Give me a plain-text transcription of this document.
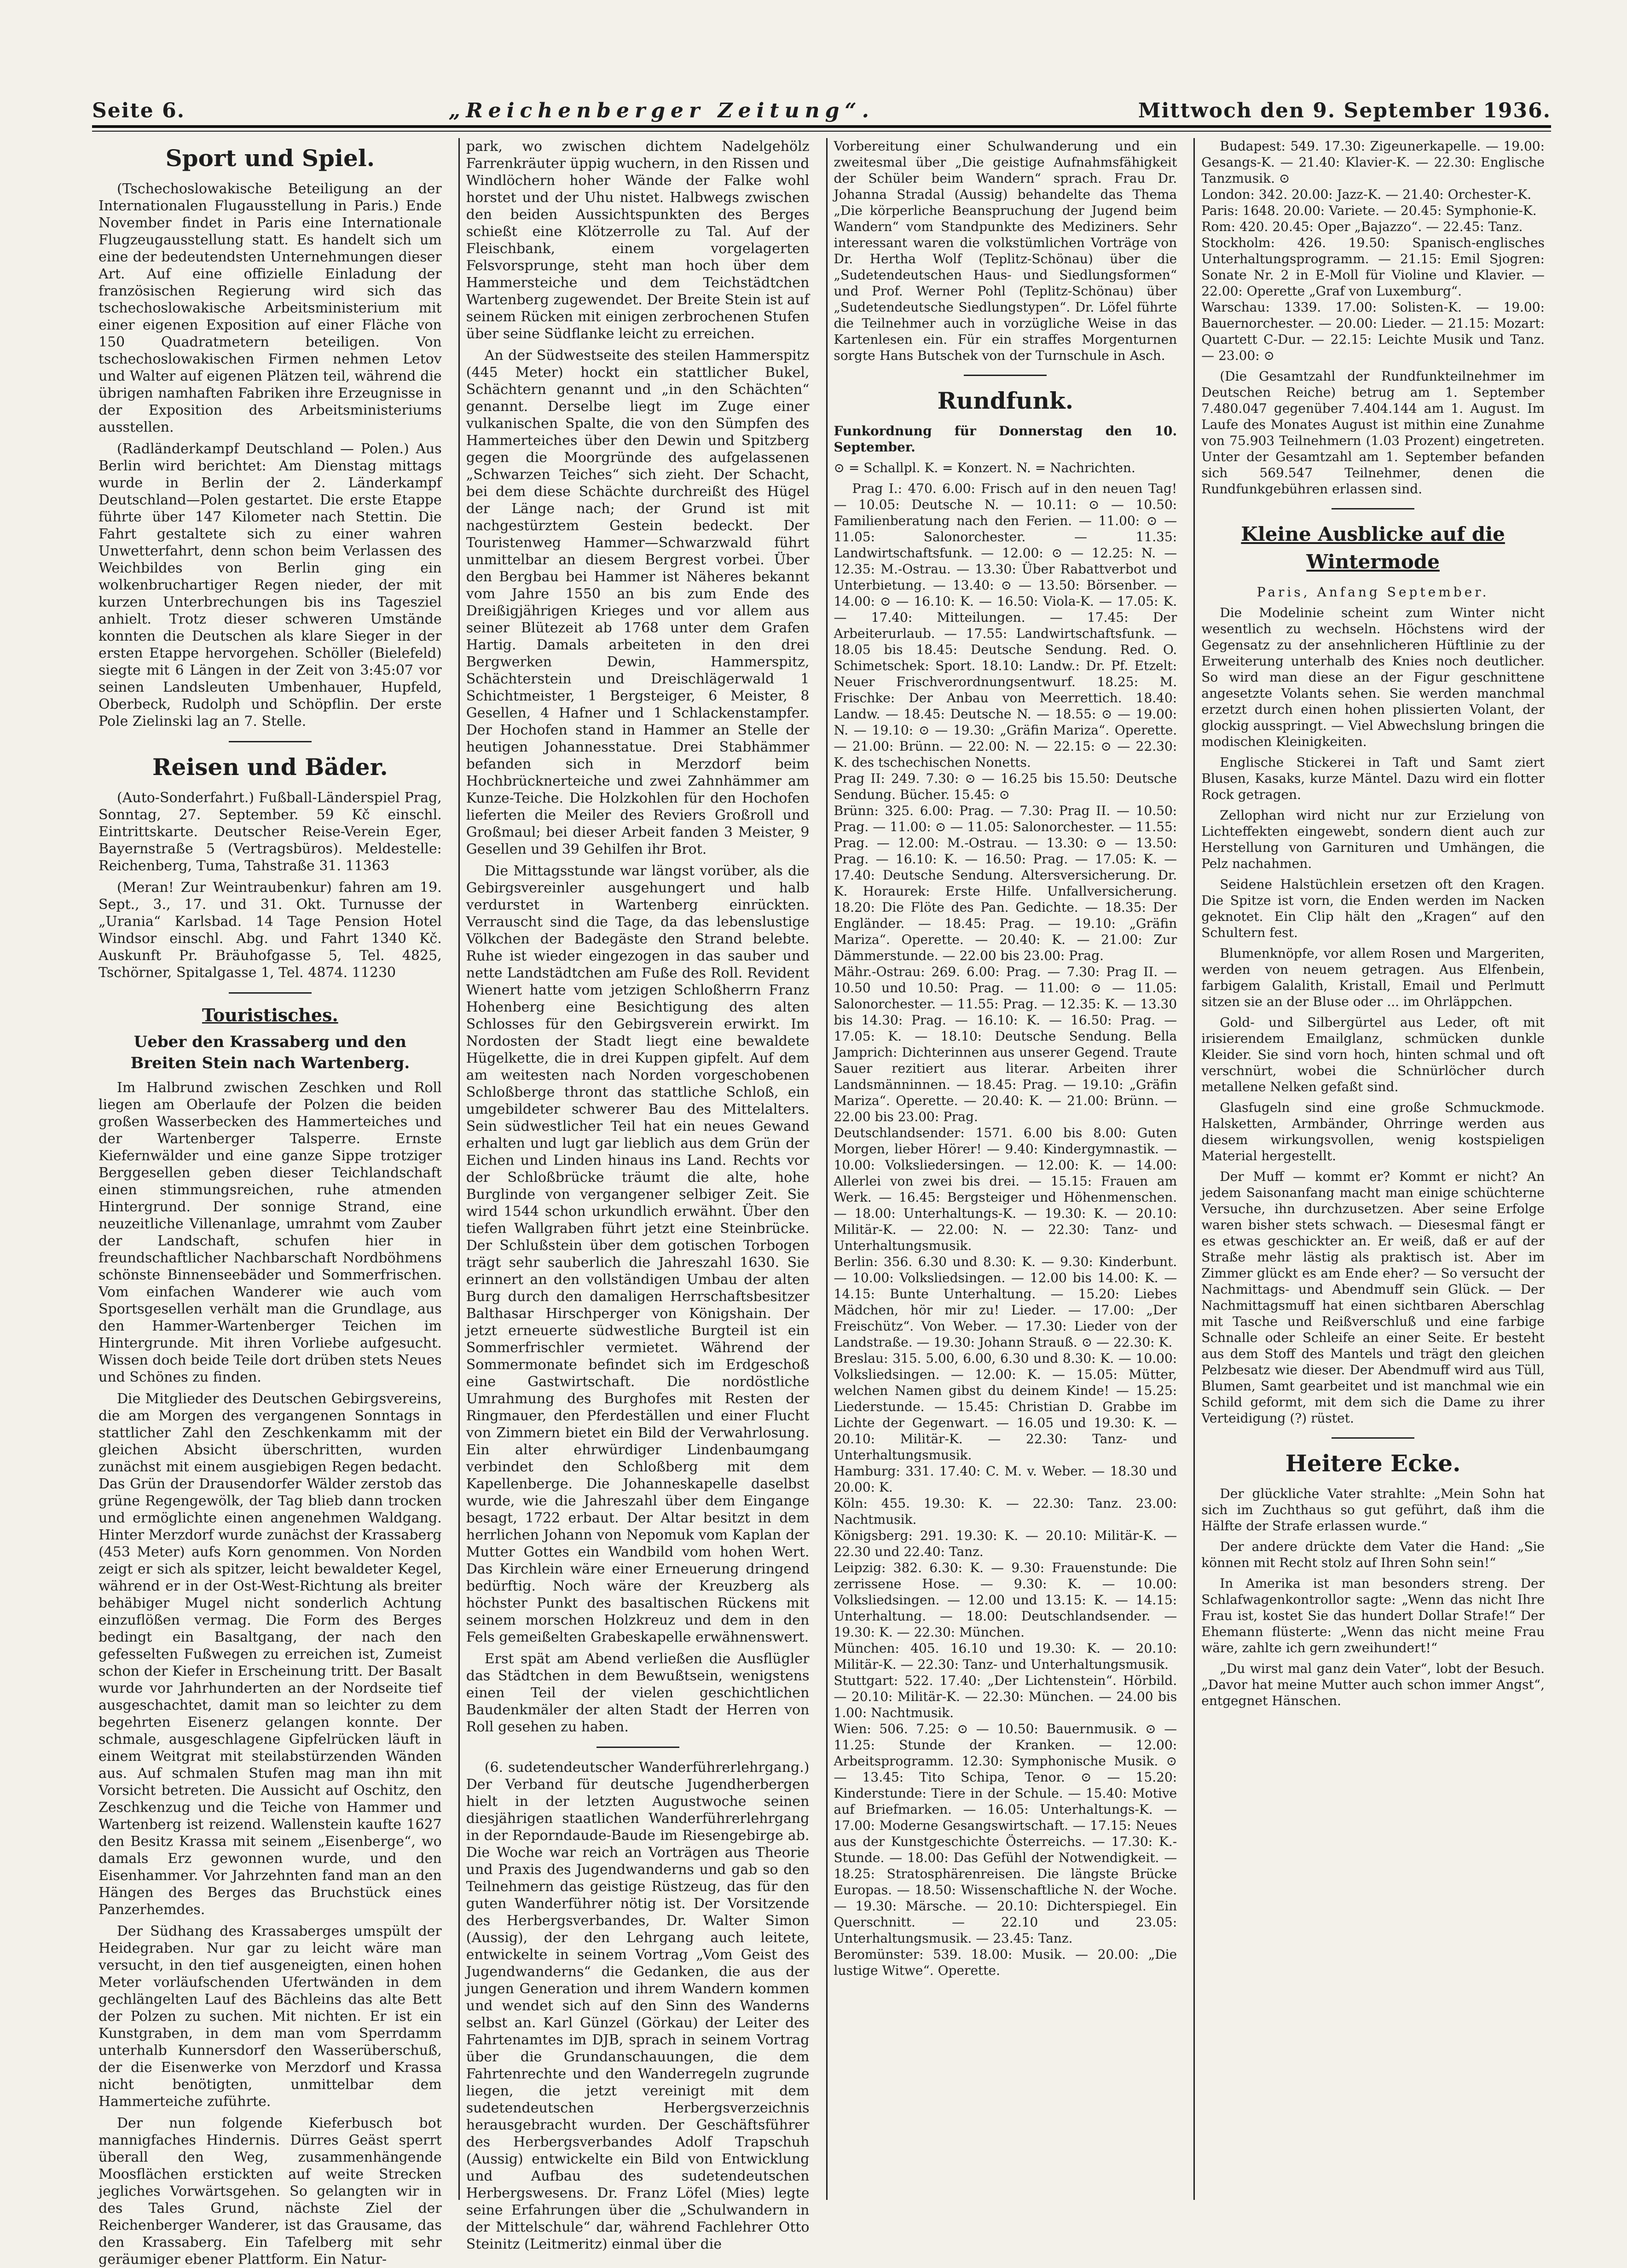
Seite 6.	„Reichenberger Zeitung“.	Mittwoch den 9. September 1936.
Sport und Spiel.

(Tschechoslowakische Beteiligung an der Internationalen Flugausstellung in Paris.) Ende November findet in Paris eine Internationale Flugzeugausstellung statt. Es handelt sich um eine der bedeutendsten Unternehmungen dieser Art. Auf eine offizielle Einladung der französischen Regierung wird sich das tschechoslowakische Arbeitsministerium mit einer eigenen Exposition auf einer Fläche von 150 Quadratmetern beteiligen. Von tschechoslowakischen Firmen nehmen Letov und Walter auf eigenen Plätzen teil, während die übrigen namhaften Fabriken ihre Erzeugnisse in der Exposition des Arbeitsministeriums ausstellen.

(Radländerkampf Deutschland — Polen.) Aus Berlin wird berichtet: Am Dienstag mittags wurde in Berlin der 2. Länderkampf Deutschland—Polen gestartet. Die erste Etappe führte über 147 Kilometer nach Stettin. Die Fahrt gestaltete sich zu einer wahren Unwetterfahrt, denn schon beim Verlassen des Weichbildes von Berlin ging ein wolkenbruchartiger Regen nieder, der mit kurzen Unterbrechungen bis ins Tagesziel anhielt. Trotz dieser schweren Umstände konnten die Deutschen als klare Sieger in der ersten Etappe hervorgehen. Schöller (Bielefeld) siegte mit 6 Längen in der Zeit von 3:45:07 vor seinen Landsleuten Umbenhauer, Hupfeld, Oberbeck, Rudolph und Schöpflin. Der erste Pole Zielinski lag an 7. Stelle.

Reisen und Bäder.

(Auto-Sonderfahrt.) Fußball-Länderspiel Prag, Sonntag, 27. September. 59 Kč einschl. Eintrittskarte. Deutscher Reise-Verein Eger, Bayernstraße 5 (Vertragsbüros). Meldestelle: Reichenberg, Tuma, Tahstraße 31. 11363

(Meran! Zur Weintraubenkur) fahren am 19. Sept., 3., 17. und 31. Okt. Turnusse der „Urania“ Karlsbad. 14 Tage Pension Hotel Windsor einschl. Abg. und Fahrt 1340 Kč. Auskunft Pr. Bräuhofgasse 5, Tel. 4825, Tschörner, Spitalgasse 1, Tel. 4874. 11230

Touristisches.
Ueber den Krassaberg und den Breiten Stein nach Wartenberg.

Im Halbrund zwischen Zeschken und Roll liegen am Oberlaufe der Polzen die beiden großen Wasserbecken des Hammerteiches und der Wartenberger Talsperre. Ernste Kiefernwälder und eine ganze Sippe trotziger Berggesellen geben dieser Teichlandschaft einen stimmungsreichen, ruhe atmenden Hintergrund. Der sonnige Strand, eine neuzeitliche Villenanlage, umrahmt vom Zauber der Landschaft, schufen hier in freundschaftlicher Nachbarschaft Nordböhmens schönste Binnenseebäder und Sommerfrischen. Vom einfachen Wanderer wie auch vom Sportsgesellen verhält man die Grundlage, aus den Hammer-Wartenberger Teichen im Hintergrunde. Mit ihren Vorliebe aufgesucht. Wissen doch beide Teile dort drüben stets Neues und Schönes zu finden.

Die Mitglieder des Deutschen Gebirgsvereins, die am Morgen des vergangenen Sonntags in stattlicher Zahl den Zeschkenkamm mit der gleichen Absicht überschritten, wurden zunächst mit einem ausgiebigen Regen bedacht. Das Grün der Drausendorfer Wälder zerstob das grüne Regengewölk, der Tag blieb dann trocken und ermöglichte einen angenehmen Waldgang. Hinter Merzdorf wurde zunächst der Krassaberg (453 Meter) aufs Korn genommen. Von Norden zeigt er sich als spitzer, leicht bewaldeter Kegel, während er in der Ost-West-Richtung als breiter behäbiger Mugel nicht sonderlich Achtung einzuflößen vermag. Die Form des Berges bedingt ein Basaltgang, der nach den gefesselten Fußwegen zu erreichen ist, Zumeist schon der Kiefer in Erscheinung tritt. Der Basalt wurde vor Jahrhunderten an der Nordseite tief ausgeschachtet, damit man so leichter zu dem begehrten Eisenerz gelangen konnte. Der schmale, ausgeschlagene Gipfelrücken läuft in einem Weitgrat mit steilabstürzenden Wänden aus. Auf schmalen Stufen mag man ihn mit Vorsicht betreten. Die Aussicht auf Oschitz, den Zeschkenzug und die Teiche von Hammer und Wartenberg ist reizend. Wallenstein kaufte 1627 den Besitz Krassa mit seinem „Eisenberge“, wo damals Erz gewonnen wurde, und den Eisenhammer. Vor Jahrzehnten fand man an den Hängen des Berges das Bruchstück eines Panzerhemdes.

Der Südhang des Krassaberges umspült der Heidegraben. Nur gar zu leicht wäre man versucht, in den tief ausgeneigten, einen hohen Meter vorläufschenden Ufertwänden in dem gechlängelten Lauf des Bächleins das alte Bett der Polzen zu suchen. Mit nichten. Er ist ein Kunstgraben, in dem man vom Sperrdamm unterhalb Kunnersdorf den Wasserüberschuß, der die Eisenwerke von Merzdorf und Krassa nicht benötigten, unmittelbar dem Hammerteiche zuführte.

Der nun folgende Kieferbusch bot mannigfaches Hindernis. Dürres Geäst sperrt überall den Weg, zusammenhängende Moosflächen erstickten auf weite Strecken jegliches Vorwärtsgehen. So gelangten wir in des Tales Grund, nächste Ziel der Reichenberger Wanderer, ist das Grausame, das den Krassaberg. Ein Tafelberg mit sehr geräumiger ebener Plattform. Ein Natur-

park, wo zwischen dichtem Nadelgehölz Farrenkräuter üppig wuchern, in den Rissen und Windlöchern hoher Wände der Falke wohl horstet und der Uhu nistet. Halbwegs zwischen den beiden Aussichtspunkten des Berges schießt eine Klötzerrolle zu Tal. Auf der Fleischbank, einem vorgelagerten Felsvorsprunge, steht man hoch über dem Hammersteiche und dem Teichstädtchen Wartenberg zugewendet. Der Breite Stein ist auf seinem Rücken mit einigen zerbrochenen Stufen über seine Südflanke leicht zu erreichen.

An der Südwestseite des steilen Hammerspitz (445 Meter) hockt ein stattlicher Bukel, Schächtern genannt und „in den Schächten“ genannt. Derselbe liegt im Zuge einer vulkanischen Spalte, die von den Sümpfen des Hammerteiches über den Dewin und Spitzberg gegen die Moorgründe des aufgelassenen „Schwarzen Teiches“ sich zieht. Der Schacht, bei dem diese Schächte durchreißt des Hügel der Länge nach; der Grund ist mit nachgestürztem Gestein bedeckt. Der Touristenweg Hammer—Schwarzwald führt unmittelbar an diesem Bergrest vorbei. Über den Bergbau bei Hammer ist Näheres bekannt vom Jahre 1550 an bis zum Ende des Dreißigjährigen Krieges und vor allem aus seiner Blütezeit ab 1768 unter dem Grafen Hartig. Damals arbeiteten in den drei Bergwerken Dewin, Hammerspitz, Schächterstein und Dreischlägerwald 1 Schichtmeister, 1 Bergsteiger, 6 Meister, 8 Gesellen, 4 Hafner und 1 Schlackenstampfer. Der Hochofen stand in Hammer an Stelle der heutigen Johannesstatue. Drei Stabhämmer befanden sich in Merzdorf beim Hochbrücknerteiche und zwei Zahnhämmer am Kunze-Teiche. Die Holzkohlen für den Hochofen lieferten die Meiler des Reviers Großroll und Großmaul; bei dieser Arbeit fanden 3 Meister, 9 Gesellen und 39 Gehilfen ihr Brot.

Die Mittagsstunde war längst vorüber, als die Gebirgsvereinler ausgehungert und halb verdurstet in Wartenberg einrückten. Verrauscht sind die Tage, da das lebenslustige Völkchen der Badegäste den Strand belebte. Ruhe ist wieder eingezogen in das sauber und nette Landstädtchen am Fuße des Roll. Revident Wienert hatte vom jetzigen Schloßherrn Franz Hohenberg eine Besichtigung des alten Schlosses für den Gebirgsverein erwirkt. Im Nordosten der Stadt liegt eine bewaldete Hügelkette, die in drei Kuppen gipfelt. Auf dem am weitesten nach Norden vorgeschobenen Schloßberge thront das stattliche Schloß, ein umgebildeter schwerer Bau des Mittelalters. Sein südwestlicher Teil hat ein neues Gewand erhalten und lugt gar lieblich aus dem Grün der Eichen und Linden hinaus ins Land. Rechts vor der Schloßbrücke träumt die alte, hohe Burglinde von vergangener selbiger Zeit. Sie wird 1544 schon urkundlich erwähnt. Über den tiefen Wallgraben führt jetzt eine Steinbrücke. Der Schlußstein über dem gotischen Torbogen trägt sehr sauberlich die Jahreszahl 1630. Sie erinnert an den vollständigen Umbau der alten Burg durch den damaligen Herrschaftsbesitzer Balthasar Hirschperger von Königshain. Der jetzt erneuerte südwestliche Burgteil ist ein Sommerfrischler vermietet. Während der Sommermonate befindet sich im Erdgeschoß eine Gastwirtschaft. Die nordöstliche Umrahmung des Burghofes mit Resten der Ringmauer, den Pferdeställen und einer Flucht von Zimmern bietet ein Bild der Verwahrlosung. Ein alter ehrwürdiger Lindenbaumgang verbindet den Schloßberg mit dem Kapellenberge. Die Johanneskapelle daselbst wurde, wie die Jahreszahl über dem Eingange besagt, 1722 erbaut. Der Altar besitzt in dem herrlichen Johann von Nepomuk vom Kaplan der Mutter Gottes ein Wandbild vom hohen Wert. Das Kirchlein wäre einer Erneuerung dringend bedürftig. Noch wäre der Kreuzberg als höchster Punkt des basaltischen Rückens mit seinem morschen Holzkreuz und dem in den Fels gemeißelten Grabeskapelle erwähnenswert.

Erst spät am Abend verließen die Ausflügler das Städtchen in dem Bewußtsein, wenigstens einen Teil der vielen geschichtlichen Baudenkmäler der alten Stadt der Herren von Roll gesehen zu haben.

(6. sudetendeutscher Wanderführerlehrgang.) Der Verband für deutsche Jugendherbergen hielt in der letzten Augustwoche seinen diesjährigen staatlichen Wanderführerlehrgang in der Reporndaude-Baude im Riesengebirge ab. Die Woche war reich an Vorträgen aus Theorie und Praxis des Jugendwanderns und gab so den Teilnehmern das geistige Rüstzeug, das für den guten Wanderführer nötig ist. Der Vorsitzende des Herbergsverbandes, Dr. Walter Simon (Aussig), der den Lehrgang auch leitete, entwickelte in seinem Vortrag „Vom Geist des Jugendwanderns“ die Gedanken, die aus der jungen Generation und ihrem Wandern kommen und wendet sich auf den Sinn des Wanderns selbst an. Karl Günzel (Görkau) der Leiter des Fahrtenamtes im DJB, sprach in seinem Vortrag über die Grundanschauungen, die dem Fahrtenrechte und den Wanderregeln zugrunde liegen, die jetzt vereinigt mit dem sudetendeutschen Herbergsverzeichnis herausgebracht wurden. Der Geschäftsführer des Herbergsverbandes Adolf Trapschuh (Aussig) entwickelte ein Bild von Entwicklung und Aufbau des sudetendeutschen Herbergswesens. Dr. Franz Löfel (Mies) legte seine Erfahrungen über die „Schulwandern in der Mittelschule“ dar, während Fachlehrer Otto Steinitz (Leitmeritz) einmal über die

Vorbereitung einer Schulwanderung und ein zweitesmal über „Die geistige Aufnahmsfähigkeit der Schüler beim Wandern“ sprach. Frau Dr. Johanna Stradal (Aussig) behandelte das Thema „Die körperliche Beanspruchung der Jugend beim Wandern“ vom Standpunkte des Mediziners. Sehr interessant waren die volkstümlichen Vorträge von Dr. Hertha Wolf (Teplitz-Schönau) über die „Sudetendeutschen Haus- und Siedlungsformen“ und Prof. Werner Pohl (Teplitz-Schönau) über „Sudetendeutsche Siedlungstypen“. Dr. Löfel führte die Teilnehmer auch in vorzügliche Weise in das Kartenlesen ein. Für ein straffes Morgenturnen sorgte Hans Butschek von der Turnschule in Asch.

Rundfunk.

Funkordnung für Donnerstag den 10. September.

⊙ = Schallpl. K. = Konzert. N. = Nachrichten.

Prag I.: 470. 6.00: Frisch auf in den neuen Tag! — 10.05: Deutsche N. — 10.11: ⊙ — 10.50: Familienberatung nach den Ferien. — 11.00: ⊙ — 11.05: Salonorchester. — 11.35: Landwirtschaftsfunk. — 12.00: ⊙ — 12.25: N. — 12.35: M.-Ostrau. — 13.30: Über Rabattverbot und Unterbietung. — 13.40: ⊙ — 13.50: Börsenber. — 14.00: ⊙ — 16.10: K. — 16.50: Viola-K. — 17.05: K. — 17.40: Mitteilungen. — 17.45: Der Arbeiterurlaub. — 17.55: Landwirtschaftsfunk. — 18.05 bis 18.45: Deutsche Sendung. Red. O. Schimetschek: Sport. 18.10: Landw.: Dr. Pf. Etzelt: Neuer Frischverordnungsentwurf. 18.25: M. Frischke: Der Anbau von Meerrettich. 18.40: Landw. — 18.45: Deutsche N. — 18.55: ⊙ — 19.00: N. — 19.10: ⊙ — 19.30: „Gräfin Mariza“. Operette. — 21.00: Brünn. — 22.00: N. — 22.15: ⊙ — 22.30: K. des tschechischen Nonetts.
Prag II: 249. 7.30: ⊙ — 16.25 bis 15.50: Deutsche Sendung. Bücher. 15.45: ⊙
Brünn: 325. 6.00: Prag. — 7.30: Prag II. — 10.50: Prag. — 11.00: ⊙ — 11.05: Salonorchester. — 11.55: Prag. — 12.00: M.-Ostrau. — 13.30: ⊙ — 13.50: Prag. — 16.10: K. — 16.50: Prag. — 17.05: K. — 17.40: Deutsche Sendung. Altersversicherung. Dr. K. Horaurek: Erste Hilfe. Unfallversicherung. 18.20: Die Flöte des Pan. Gedichte. — 18.35: Der Engländer. — 18.45: Prag. — 19.10: „Gräfin Mariza“. Operette. — 20.40: K. — 21.00: Zur Dämmerstunde. — 22.00 bis 23.00: Prag.
Mähr.-Ostrau: 269. 6.00: Prag. — 7.30: Prag II. — 10.50 und 10.50: Prag. — 11.00: ⊙ — 11.05: Salonorchester. — 11.55: Prag. — 12.35: K. — 13.30 bis 14.30: Prag. — 16.10: K. — 16.50: Prag. — 17.05: K. — 18.10: Deutsche Sendung. Bella Jamprich: Dichterinnen aus unserer Gegend. Traute Sauer rezitiert aus literar. Arbeiten ihrer Landsmänninnen. — 18.45: Prag. — 19.10: „Gräfin Mariza“. Operette. — 20.40: K. — 21.00: Brünn. — 22.00 bis 23.00: Prag.
Deutschlandsender: 1571. 6.00 bis 8.00: Guten Morgen, lieber Hörer! — 9.40: Kindergymnastik. — 10.00: Volksliedersingen. — 12.00: K. — 14.00: Allerlei von zwei bis drei. — 15.15: Frauen am Werk. — 16.45: Bergsteiger und Höhenmenschen. — 18.00: Unterhaltungs-K. — 19.30: K. — 20.10: Militär-K. — 22.00: N. — 22.30: Tanz- und Unterhaltungsmusik.
Berlin: 356. 6.30 und 8.30: K. — 9.30: Kinderbunt. — 10.00: Volksliedsingen. — 12.00 bis 14.00: K. — 14.15: Bunte Unterhaltung. — 15.20: Liebes Mädchen, hör mir zu! Lieder. — 17.00: „Der Freischütz“. Von Weber. — 17.30: Lieder von der Landstraße. — 19.30: Johann Strauß. ⊙ — 22.30: K.
Breslau: 315. 5.00, 6.00, 6.30 und 8.30: K. — 10.00: Volksliedsingen. — 12.00: K. — 15.05: Mütter, welchen Namen gibst du deinem Kinde! — 15.25: Liederstunde. — 15.45: Christian D. Grabbe im Lichte der Gegenwart. — 16.05 und 19.30: K. — 20.10: Militär-K. — 22.30: Tanz- und Unterhaltungsmusik.
Hamburg: 331. 17.40: C. M. v. Weber. — 18.30 und 20.00: K.
Köln: 455. 19.30: K. — 22.30: Tanz. 23.00: Nachtmusik.
Königsberg: 291. 19.30: K. — 20.10: Militär-K. — 22.30 und 22.40: Tanz.
Leipzig: 382. 6.30: K. — 9.30: Frauenstunde: Die zerrissene Hose. — 9.30: K. — 10.00: Volksliedsingen. — 12.00 und 13.15: K. — 14.15: Unterhaltung. — 18.00: Deutschlandsender. — 19.30: K. — 22.30: München.
München: 405. 16.10 und 19.30: K. — 20.10: Militär-K. — 22.30: Tanz- und Unterhaltungsmusik.
Stuttgart: 522. 17.40: „Der Lichtenstein“. Hörbild. — 20.10: Militär-K. — 22.30: München. — 24.00 bis 1.00: Nachtmusik.
Wien: 506. 7.25: ⊙ — 10.50: Bauernmusik. ⊙ — 11.25: Stunde der Kranken. — 12.00: Arbeitsprogramm. 12.30: Symphonische Musik. ⊙ — 13.45: Tito Schipa, Tenor. ⊙ — 15.20: Kinderstunde: Tiere in der Schule. — 15.40: Motive auf Briefmarken. — 16.05: Unterhaltungs-K. — 17.00: Moderne Gesangswirtschaft. — 17.15: Neues aus der Kunstgeschichte Österreichs. — 17.30: K.-Stunde. — 18.00: Das Gefühl der Notwendigkeit. — 18.25: Stratosphärenreisen. Die längste Brücke Europas. — 18.50: Wissenschaftliche N. der Woche. — 19.30: Märsche. — 20.10: Dichterspiegel. Ein Querschnitt. — 22.10 und 23.05: Unterhaltungsmusik. — 23.45: Tanz.
Beromünster: 539. 18.00: Musik. — 20.00: „Die lustige Witwe“. Operette.

Budapest: 549. 17.30: Zigeunerkapelle. — 19.00: Gesangs-K. — 21.40: Klavier-K. — 22.30: Englische Tanzmusik. ⊙
London: 342. 20.00: Jazz-K. — 21.40: Orchester-K.
Paris: 1648. 20.00: Variete. — 20.45: Symphonie-K.
Rom: 420. 20.45: Oper „Bajazzo“. — 22.45: Tanz.
Stockholm: 426. 19.50: Spanisch-englisches Unterhaltungsprogramm. — 21.15: Emil Sjogren: Sonate Nr. 2 in E-Moll für Violine und Klavier. — 22.00: Operette „Graf von Luxemburg“.
Warschau: 1339. 17.00: Solisten-K. — 19.00: Bauernorchester. — 20.00: Lieder. — 21.15: Mozart: Quartett C-Dur. — 22.15: Leichte Musik und Tanz. — 23.00: ⊙

(Die Gesamtzahl der Rundfunkteilnehmer im Deutschen Reiche) betrug am 1. September 7.480.047 gegenüber 7.404.144 am 1. August. Im Laufe des Monates August ist mithin eine Zunahme von 75.903 Teilnehmern (1.03 Prozent) eingetreten. Unter der Gesamtzahl am 1. September befanden sich 569.547 Teilnehmer, denen die Rundfunkgebühren erlassen sind.

Kleine Ausblicke auf die Wintermode

Paris, Anfang September.

Die Modelinie scheint zum Winter nicht wesentlich zu wechseln. Höchstens wird der Gegensatz zu der ansehnlicheren Hüftlinie zu der Erweiterung unterhalb des Knies noch deutlicher. So wird man diese an der Figur geschnittene angesetzte Volants sehen. Sie werden manchmal erzetzt durch einen hohen plissierten Volant, der glockig ausspringt. — Viel Abwechslung bringen die modischen Kleinigkeiten.

Englische Stickerei in Taft und Samt ziert Blusen, Kasaks, kurze Mäntel. Dazu wird ein flotter Rock getragen.

Zellophan wird nicht nur zur Erzielung von Lichteffekten eingewebt, sondern dient auch zur Herstellung von Garnituren und Umhängen, die Pelz nachahmen.

Seidene Halstüchlein ersetzen oft den Kragen. Die Spitze ist vorn, die Enden werden im Nacken geknotet. Ein Clip hält den „Kragen“ auf den Schultern fest.

Blumenknöpfe, vor allem Rosen und Margeriten, werden von neuem getragen. Aus Elfenbein, farbigem Galalith, Kristall, Email und Perlmutt sitzen sie an der Bluse oder ... im Ohrläppchen.

Gold- und Silbergürtel aus Leder, oft mit irisierendem Emailglanz, schmücken dunkle Kleider. Sie sind vorn hoch, hinten schmal und oft verschnürt, wobei die Schnürlöcher durch metallene Nelken gefaßt sind.

Glasfugeln sind eine große Schmuckmode. Halsketten, Armbänder, Ohrringe werden aus diesem wirkungsvollen, wenig kostspieligen Material hergestellt.

Der Muff — kommt er? Kommt er nicht? An jedem Saisonanfang macht man einige schüchterne Versuche, ihn durchzusetzen. Aber seine Erfolge waren bisher stets schwach. — Diesesmal fängt er es etwas geschickter an. Er weiß, daß er auf der Straße mehr lästig als praktisch ist. Aber im Zimmer glückt es am Ende eher? — So versucht der Nachmittags- und Abendmuff sein Glück. — Der Nachmittagsmuff hat einen sichtbaren Aberschlag mit Tasche und Reißverschluß und eine farbige Schnalle oder Schleife an einer Seite. Er besteht aus dem Stoff des Mantels und trägt den gleichen Pelzbesatz wie dieser. Der Abendmuff wird aus Tüll, Blumen, Samt gearbeitet und ist manchmal wie ein Schild geformt, mit dem sich die Dame zu ihrer Verteidigung (?) rüstet.

Heitere Ecke.

Der glückliche Vater strahlte: „Mein Sohn hat sich im Zuchthaus so gut geführt, daß ihm die Hälfte der Strafe erlassen wurde.“

Der andere drückte dem Vater die Hand: „Sie können mit Recht stolz auf Ihren Sohn sein!“

In Amerika ist man besonders streng. Der Schlafwagenkontrollor sagte: „Wenn das nicht Ihre Frau ist, kostet Sie das hundert Dollar Strafe!“ Der Ehemann flüsterte: „Wenn das nicht meine Frau wäre, zahlte ich gern zweihundert!“

„Du wirst mal ganz dein Vater“, lobt der Besuch. „Davor hat meine Mutter auch schon immer Angst“, entgegnet Hänschen.
